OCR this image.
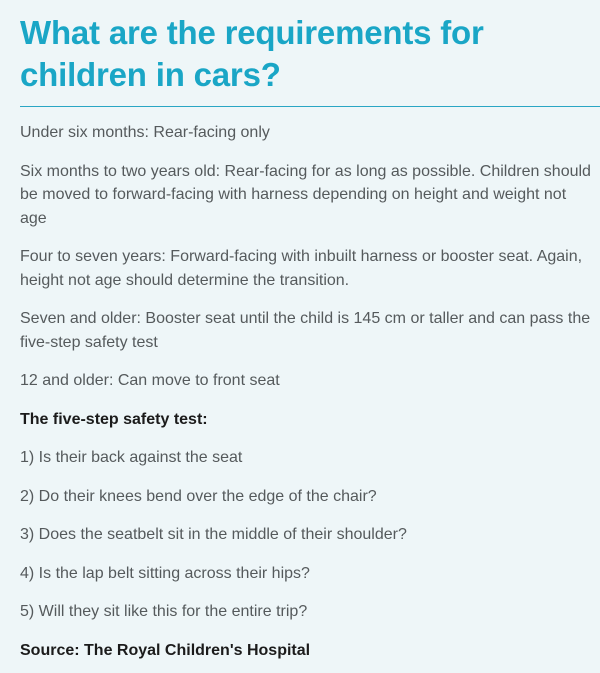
What are the requirements for children in cars?

Under six months: Rear-facing only

Six months to two years old: Rear-facing for as long as possible. Children should be moved to forward-facing with harness depending on height and weight not age

Four to seven years: Forward-facing with inbuilt harness or booster seat. Again, height not age should determine the transition.

Seven and older: Booster seat until the child is 145 cm or taller and can pass the five-step safety test

12 and older: Can move to front seat

The five-step safety test:

1) Is their back against the seat

2) Do their knees bend over the edge of the chair?

3) Does the seatbelt sit in the middle of their shoulder?

4) Is the lap belt sitting across their hips?

5) Will they sit like this for the entire trip?

Source: The Royal Children's Hospital
